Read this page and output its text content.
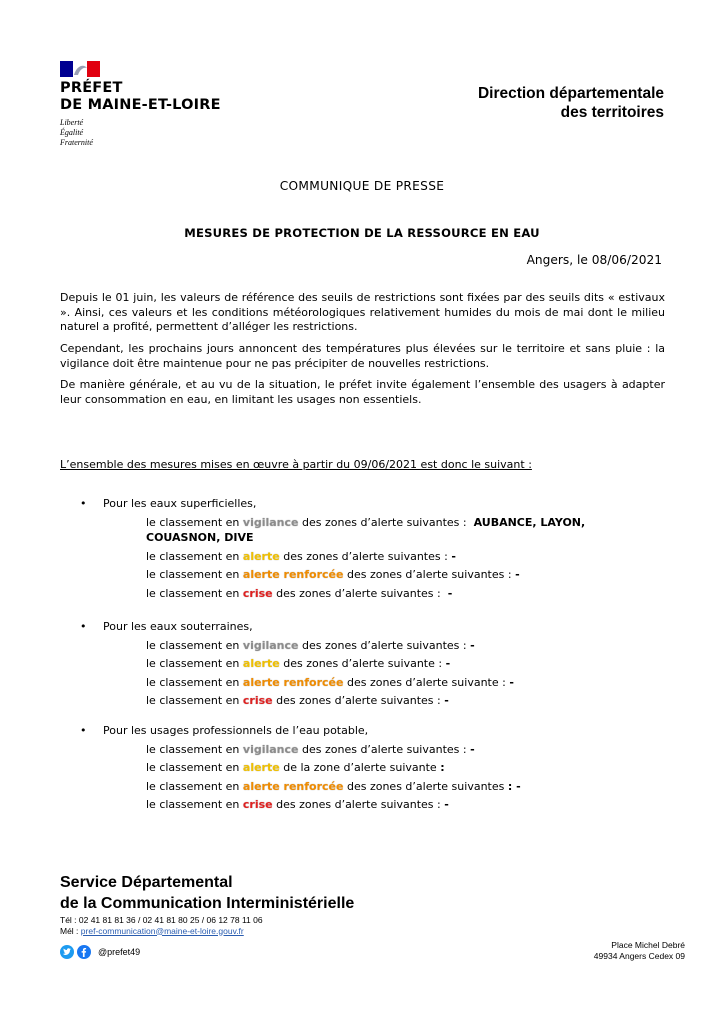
PRÉFET
DE MAINE-ET-LOIRE
Liberté
Égalité
Fraternité
Direction départementale
des territoires
COMMUNIQUE DE PRESSE
MESURES DE PROTECTION DE LA RESSOURCE EN EAU
Angers, le 08/06/2021
Depuis le 01 juin, les valeurs de référence des seuils de restrictions sont fixées par des seuils dits « estivaux ». Ainsi, ces valeurs et les conditions météorologiques relativement humides du mois de mai dont le milieu naturel a profité, permettent d’alléger les restrictions.
Cependant, les prochains jours annoncent des températures plus élevées sur le territoire et sans pluie : la vigilance doit être maintenue pour ne pas précipiter de nouvelles restrictions.
De manière générale, et au vu de la situation, le préfet invite également l’ensemble des usagers à adapter leur consommation en eau, en limitant les usages non essentiels.
L’ensemble des mesures mises en œuvre à partir du 09/06/2021 est donc le suivant :
• Pour les eaux superficielles,
le classement en vigilance des zones d’alerte suivantes : AUBANCE, LAYON,
COUASNON, DIVE
le classement en alerte des zones d’alerte suivantes : -
le classement en alerte renforcée des zones d’alerte suivantes : -
le classement en crise des zones d’alerte suivantes : -
• Pour les eaux souterraines,
le classement en vigilance des zones d’alerte suivantes : -
le classement en alerte des zones d’alerte suivante : -
le classement en alerte renforcée des zones d’alerte suivante : -
le classement en crise des zones d’alerte suivantes : -
• Pour les usages professionnels de l’eau potable,
le classement en vigilance des zones d’alerte suivantes : -
le classement en alerte de la zone d’alerte suivante :
le classement en alerte renforcée des zones d’alerte suivantes : -
le classement en crise des zones d’alerte suivantes : -
Service Départemental
de la Communication Interministérielle
Tél : 02 41 81 81 36 / 02 41 81 80 25 / 06 12 78 11 06
Mél : pref-communication@maine-et-loire.gouv.fr
@prefet49
Place Michel Debré
49934 Angers Cedex 09
